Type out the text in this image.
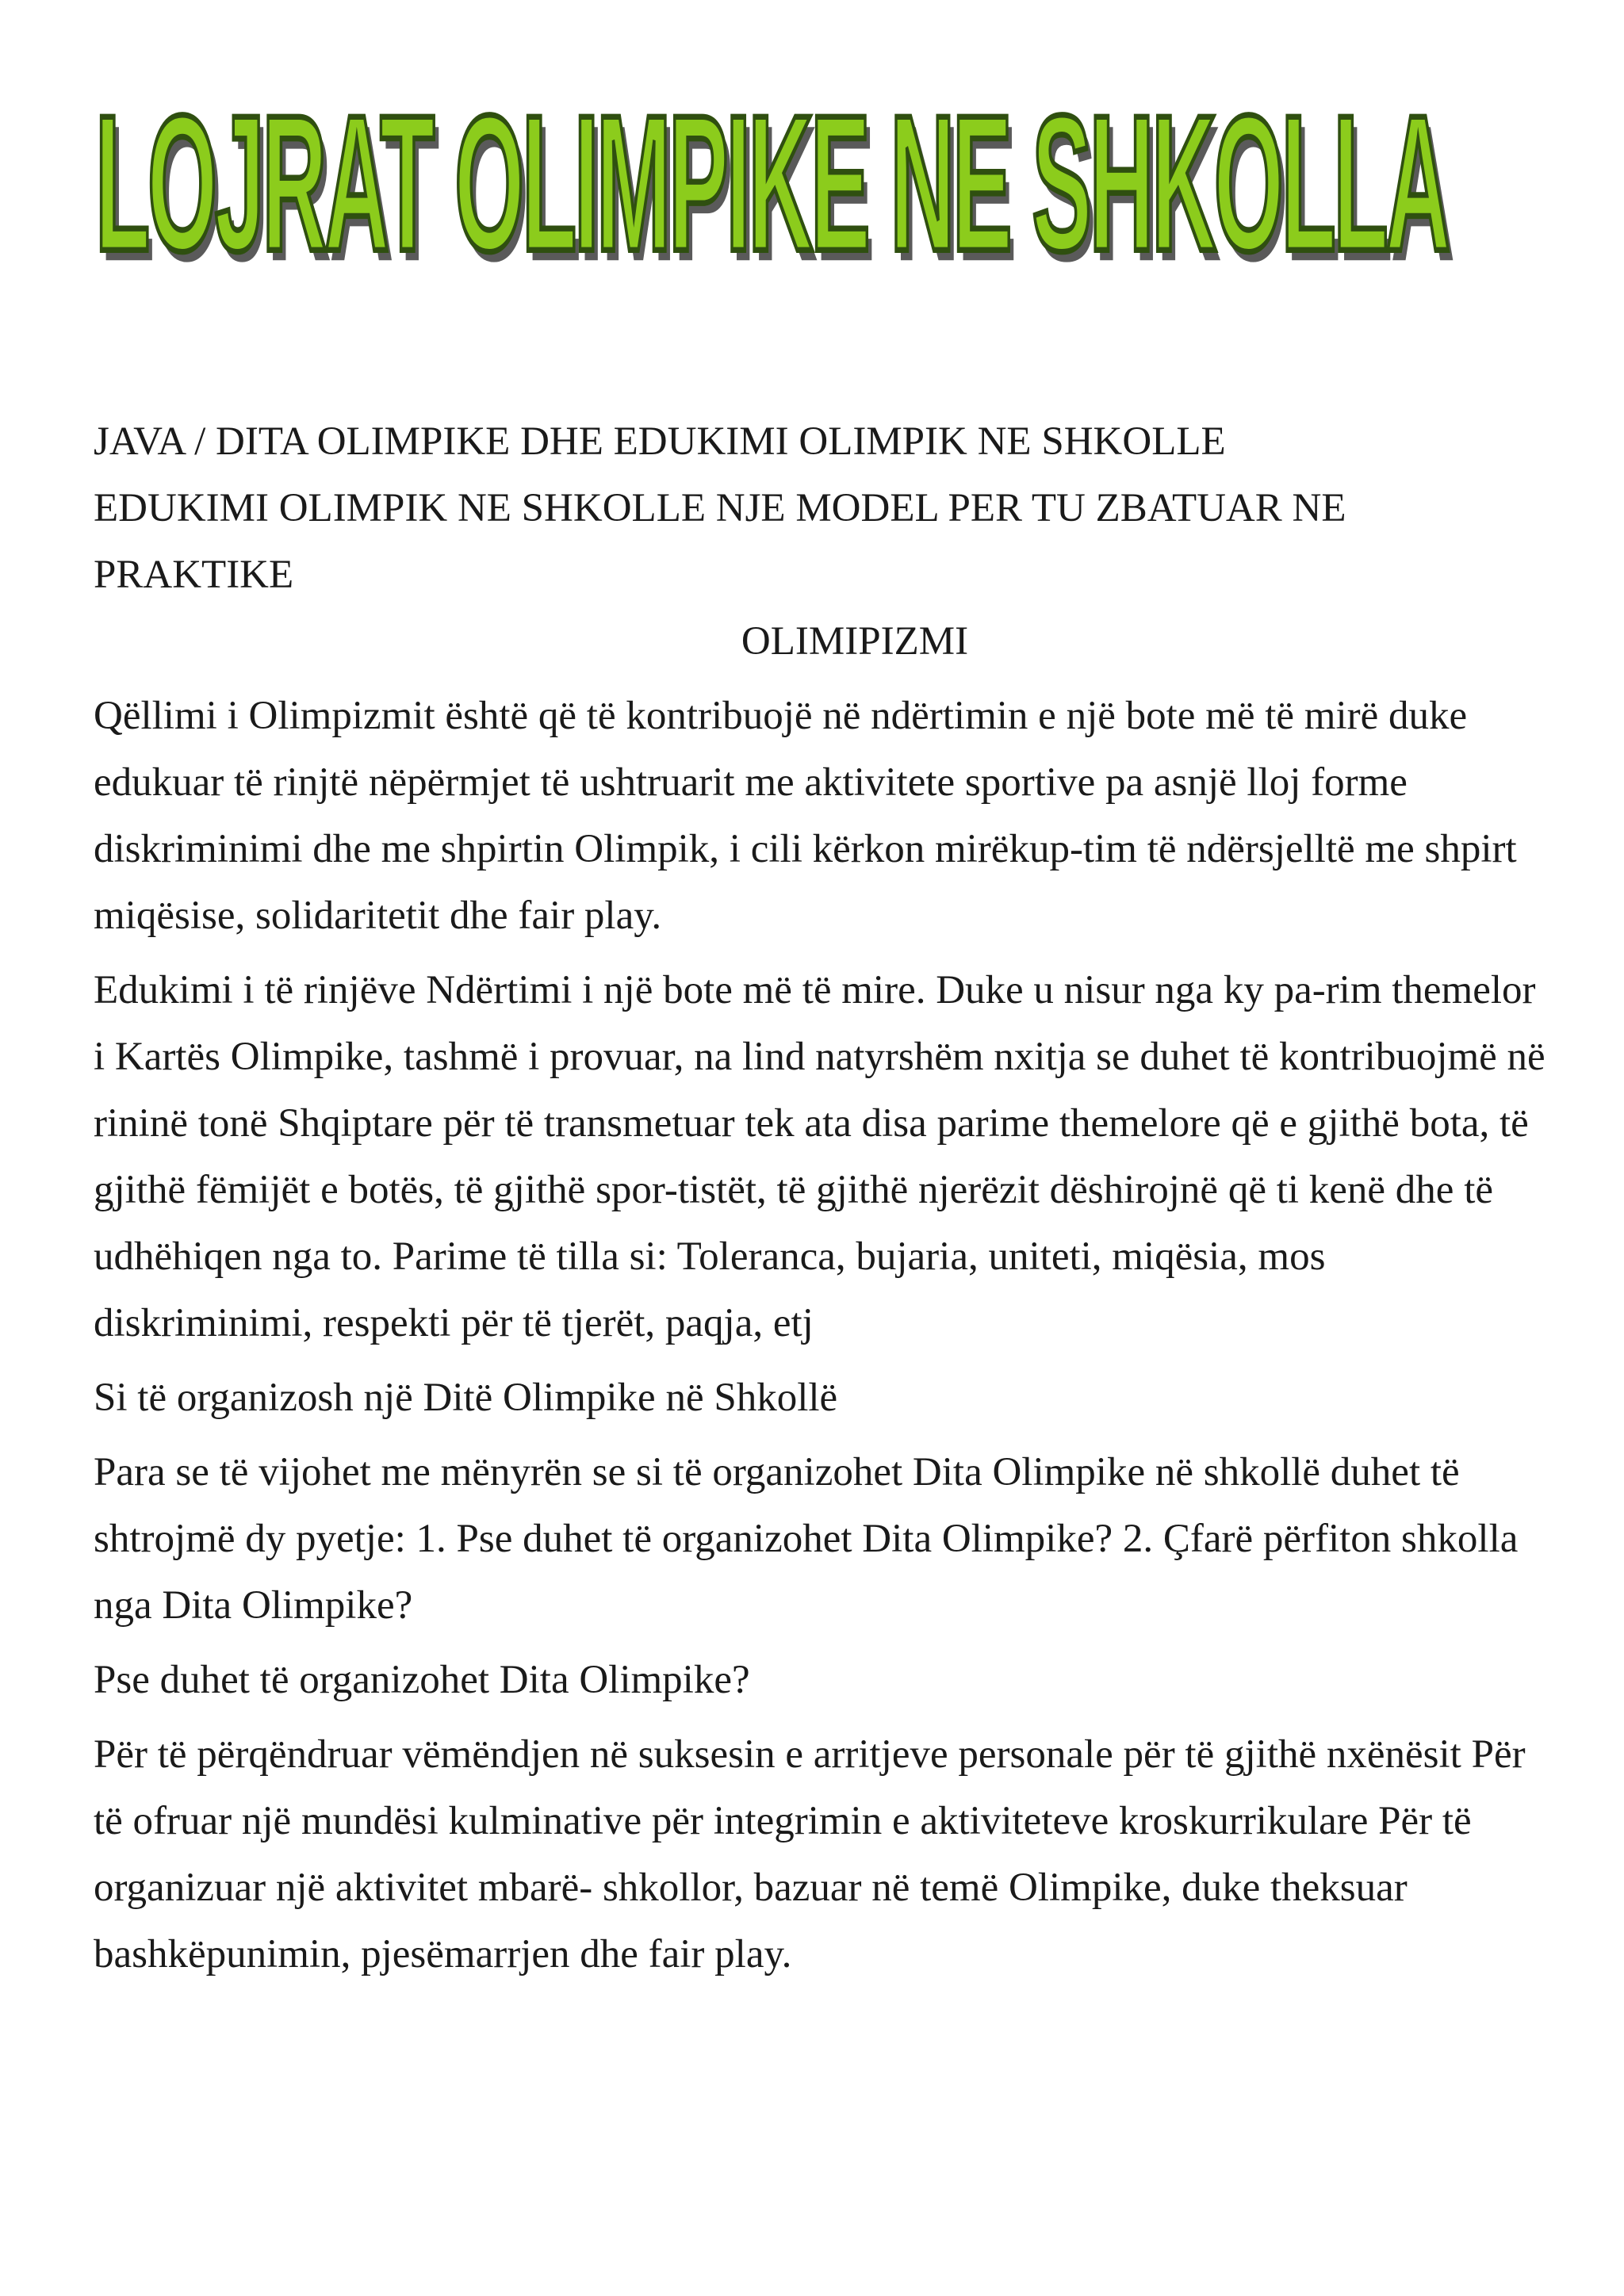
LOJRAT OLIMPIKE NE SHKOLLA

JAVA / DITA OLIMPIKE DHE EDUKIMI OLIMPIK NE SHKOLLE

EDUKIMI OLIMPIK NE SHKOLLE NJE MODEL PER TU ZBATUAR NE PRAKTIKE

OLIMIPIZMI

Qëllimi i Olimpizmit është që të kontribuojë në ndërtimin e një bote më të mirë duke edukuar të rinjtë nëpërmjet të ushtruarit me aktivitete sportive pa asnjë lloj forme diskriminimi dhe me shpirtin Olimpik, i cili kërkon mirëkup-tim të ndërsjelltë me shpirt miqësise, solidaritetit dhe fair play.

Edukimi i të rinjëve Ndërtimi i një bote më të mire. Duke u nisur nga ky pa-rim themelor i Kartës Olimpike, tashmë i provuar, na lind natyrshëm nxitja se duhet të kontribuojmë në rininë tonë Shqiptare për të transmetuar tek ata disa parime themelore që e gjithë bota, të gjithë fëmijët e botës, të gjithë spor-tistët, të gjithë njerëzit dëshirojnë që ti kenë dhe të udhëhiqen nga to. Parime të tilla si: Toleranca, bujaria, uniteti, miqësia, mos diskriminimi, respekti për të tjerët, paqja, etj

Si të organizosh një Ditë Olimpike në Shkollë

Para se të vijohet me mënyrën se si të organizohet Dita Olimpike në shkollë duhet të shtrojmë dy pyetje: 1. Pse duhet të organizohet Dita Olimpike? 2. Çfarë përfiton shkolla nga Dita Olimpike?

Pse duhet të organizohet Dita Olimpike?

Për të përqëndruar vëmëndjen në suksesin e arritjeve personale për të gjithë nxënësit Për të ofruar një mundësi kulminative për integrimin e aktiviteteve kroskurrikulare Për të organizuar një aktivitet mbarë- shkollor, bazuar në temë Olimpike, duke theksuar bashkëpunimin, pjesëmarrjen dhe fair play.
